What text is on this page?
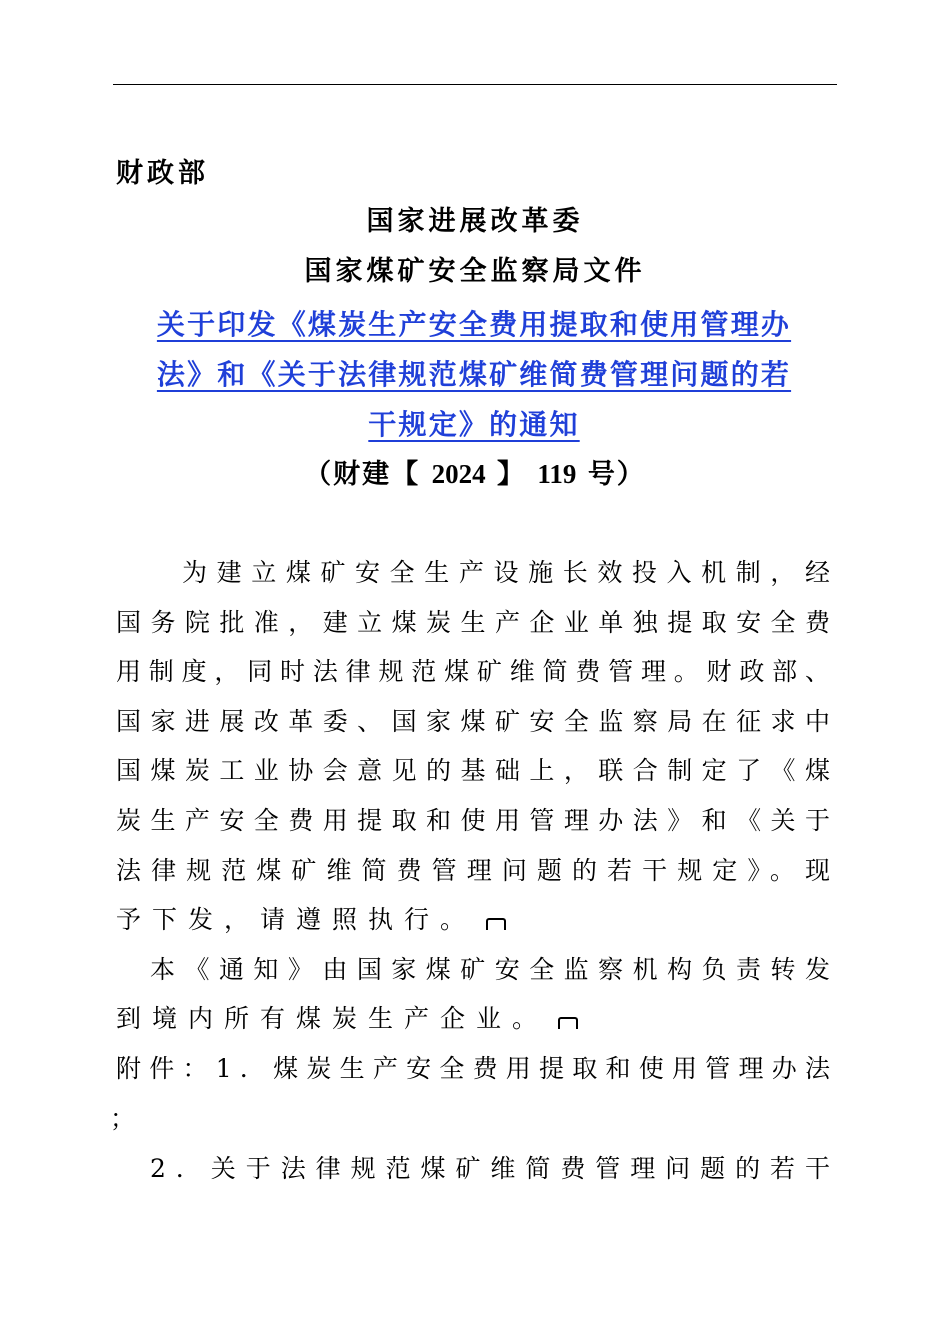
财政部
国家进展改革委
国家煤矿安全监察局文件
关于印发《煤炭生产安全费用提取和使用管理办
法》和《关于法律规范煤矿维简费管理问题的若
干规定》的通知
（财建【 2024 】 119 号）
为建立煤矿安全生产设施长效投入机制，经
国务院批准，建立煤炭生产企业单独提取安全费
用制度，同时法律规范煤矿维简费管理。财政部、
国家进展改革委、国家煤矿安全监察局在征求中
国煤炭工业协会意见的基础上，联合制定了《煤
炭生产安全费用提取和使用管理办法》和《关于
法律规范煤矿维简费管理问题的若干规定》。现
予下发，请遵照执行。
本《通知》由国家煤矿安全监察机构负责转发
到境内所有煤炭生产企业。
附件：1．煤炭生产安全费用提取和使用管理办法
；
2．关于法律规范煤矿维简费管理问题的若干
